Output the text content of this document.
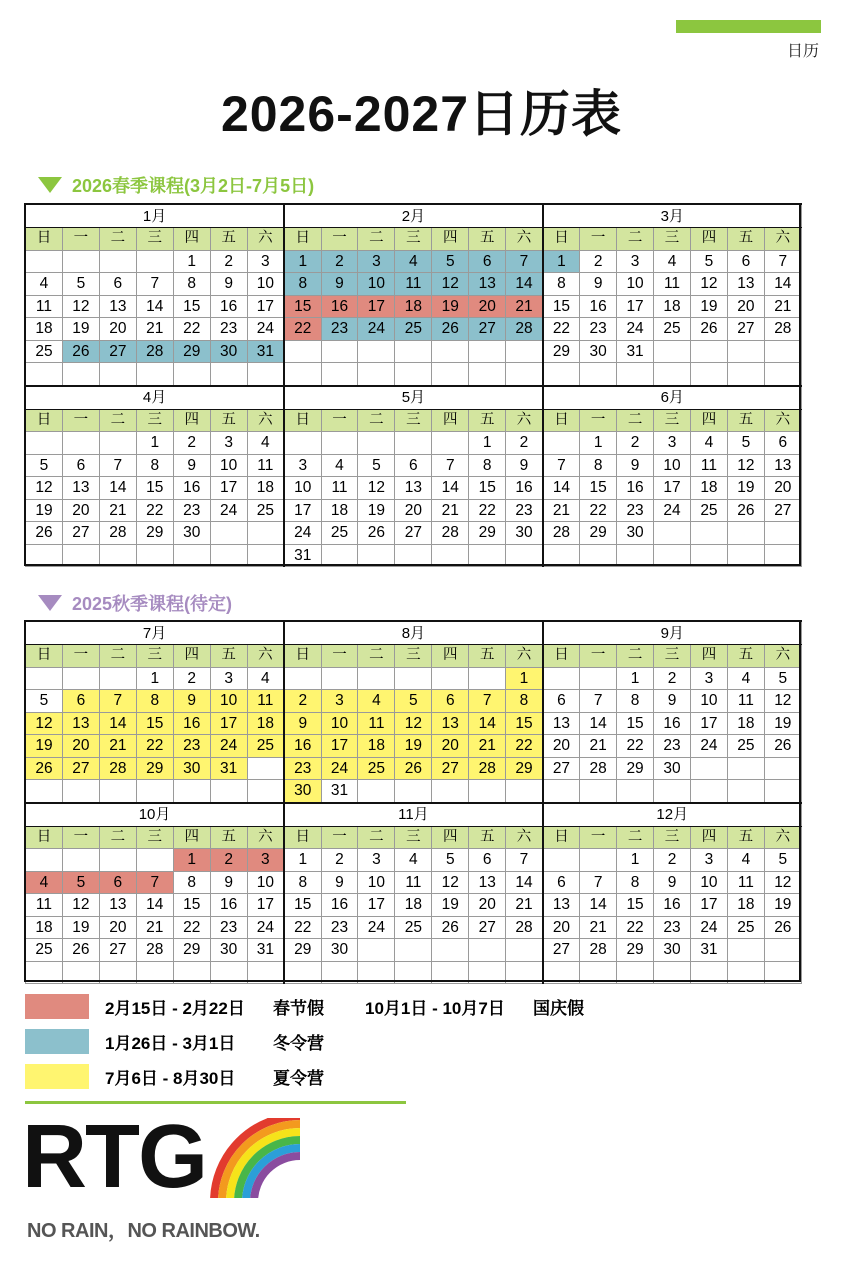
日历
2026-2027日历表
2026春季课程(3月2日-7月5日)
1月							2月							3月						
日	一	二	三	四	五	六	日	一	二	三	四	五	六	日	一	二	三	四	五	六
				1	2	3	1	2	3	4	5	6	7	1	2	3	4	5	6	7
4	5	6	7	8	9	10	8	9	10	11	12	13	14	8	9	10	11	12	13	14
11	12	13	14	15	16	17	15	16	17	18	19	20	21	15	16	17	18	19	20	21
18	19	20	21	22	23	24	22	23	24	25	26	27	28	22	23	24	25	26	27	28
25	26	27	28	29	30	31								29	30	31				

4月							5月							6月						
日	一	二	三	四	五	六	日	一	二	三	四	五	六	日	一	二	三	四	五	六
			1	2	3	4						1	2		1	2	3	4	5	6
5	6	7	8	9	10	11	3	4	5	6	7	8	9	7	8	9	10	11	12	13
12	13	14	15	16	17	18	10	11	12	13	14	15	16	14	15	16	17	18	19	20
19	20	21	22	23	24	25	17	18	19	20	21	22	23	21	22	23	24	25	26	27
26	27	28	29	30			24	25	26	27	28	29	30	28	29	30				
							31													
2025秋季课程(待定)
7月							8月							9月						
日	一	二	三	四	五	六	日	一	二	三	四	五	六	日	一	二	三	四	五	六
			1	2	3	4							1			1	2	3	4	5
5	6	7	8	9	10	11	2	3	4	5	6	7	8	6	7	8	9	10	11	12
12	13	14	15	16	17	18	9	10	11	12	13	14	15	13	14	15	16	17	18	19
19	20	21	22	23	24	25	16	17	18	19	20	21	22	20	21	22	23	24	25	26
26	27	28	29	30	31		23	24	25	26	27	28	29	27	28	29	30			
							30	31												
10月							11月							12月						
日	一	二	三	四	五	六	日	一	二	三	四	五	六	日	一	二	三	四	五	六
				1	2	3	1	2	3	4	5	6	7			1	2	3	4	5
4	5	6	7	8	9	10	8	9	10	11	12	13	14	6	7	8	9	10	11	12
11	12	13	14	15	16	17	15	16	17	18	19	20	21	13	14	15	16	17	18	19
18	19	20	21	22	23	24	22	23	24	25	26	27	28	20	21	22	23	24	25	26
25	26	27	28	29	30	31	29	30						27	28	29	30	31		

2月15日 - 2月22日	春节假	10月1日 - 10月7日	国庆假
1月26日 - 3月1日	冬令营
7月6日 - 8月30日	夏令营
RTG
NO RAIN，NO RAINBOW.
